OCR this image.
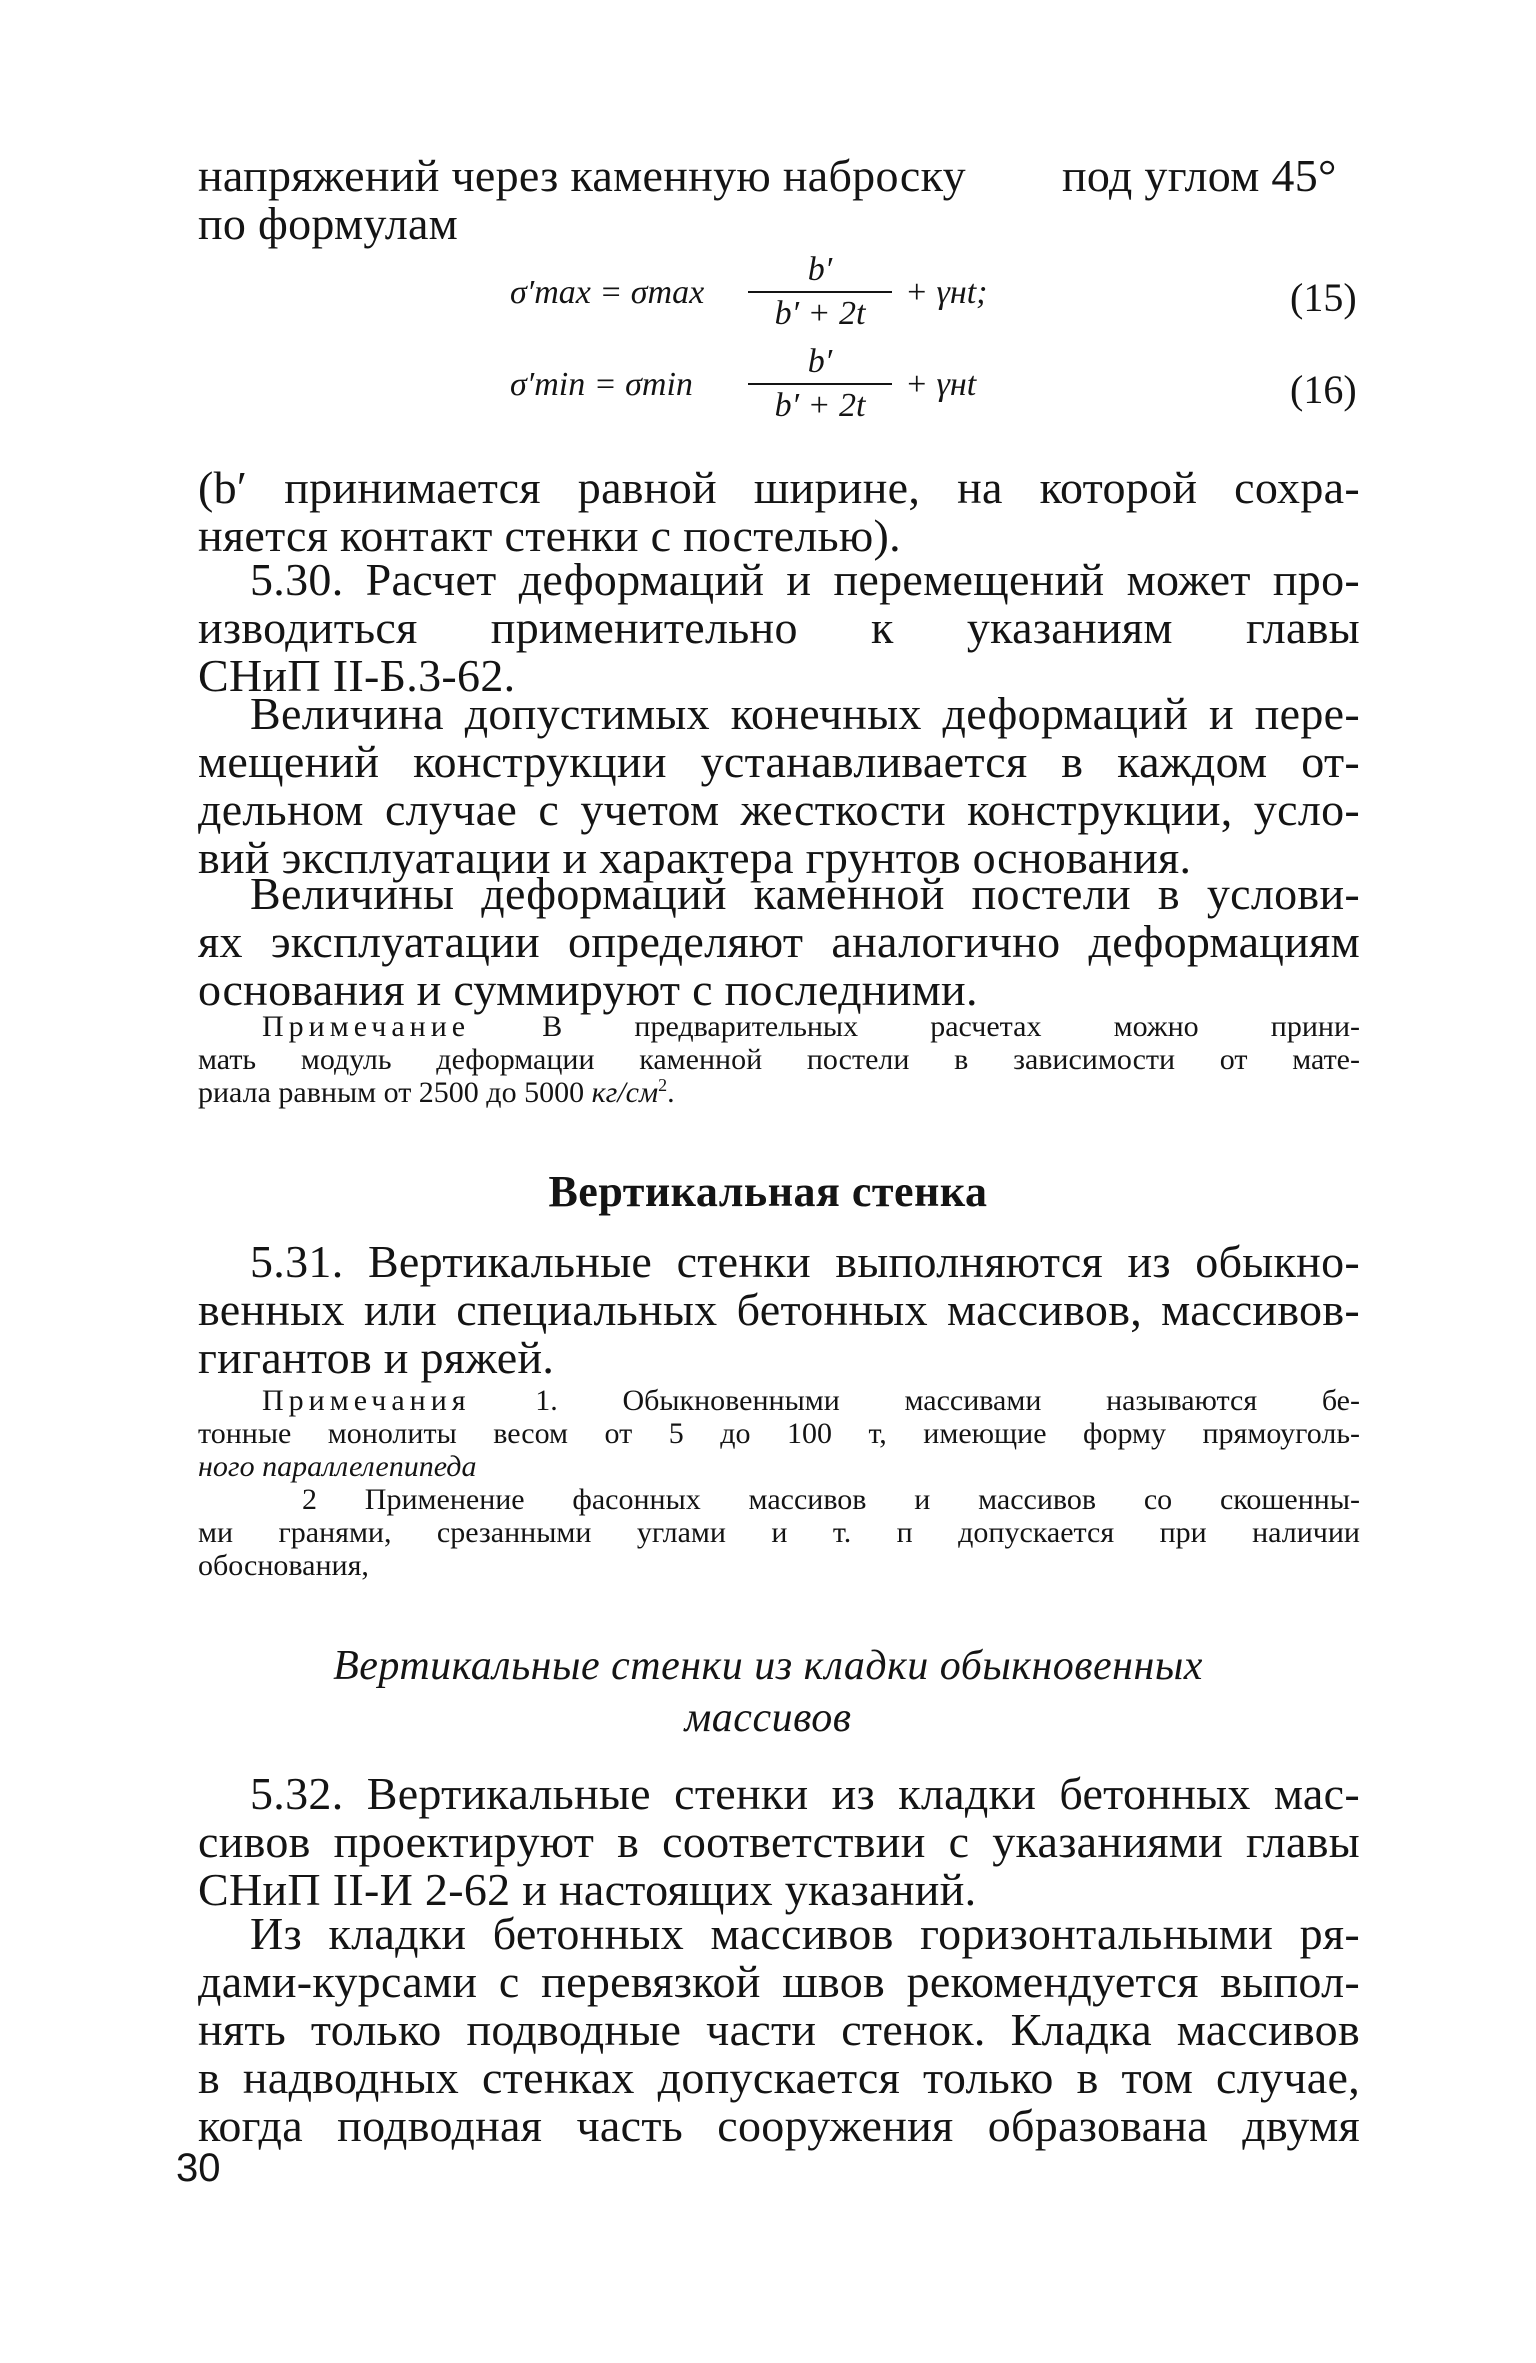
напряжений через каменную наброску под углом 45°
по формулам
σ′max = σmax
b′
b′ + 2t
+ γнt;	(15)
σ′min = σmin
b′
b′ + 2t
+ γнt	(16)
(b′ принимается равной ширине, на которой сохра-
няется контакт стенки с постелью).
5.30. Расчет деформаций и перемещений может про-
изводиться применительно к указаниям главы
СНиП II-Б.3-62.
Величина допустимых конечных деформаций и пере-
мещений конструкции устанавливается в каждом от-
дельном случае с учетом жесткости конструкции, усло-
вий эксплуатации и характера грунтов основания.
Величины деформаций каменной постели в услови-
ях эксплуатации определяют аналогично деформациям
основания и суммируют с последними.
Примечание В предварительных расчетах можно прини-
мать модуль деформации каменной постели в зависимости от мате-
риала равным от 2500 до 5000 $кг/см^2$.
Вертикальная стенка
5.31. Вертикальные стенки выполняются из обыкно-
венных или специальных бетонных массивов, массивов-
гигантов и ряжей.
Примечания 1. Обыкновенными массивами называются бе-
тонные монолиты весом от 5 до 100 т, имеющие форму прямоуголь-
ного параллелепипеда
2 Применение фасонных массивов и массивов со скошенны-
ми гранями, срезанными углами и т. п допускается при наличии
обоснования,
Вертикальные стенки из кладки обыкновенных
массивов
5.32. Вертикальные стенки из кладки бетонных мас-
сивов проектируют в соответствии с указаниями главы
СНиП II-И 2-62 и настоящих указаний.
Из кладки бетонных массивов горизонтальными ря-
дами-курсами с перевязкой швов рекомендуется выпол-
нять только подводные части стенок. Кладка массивов
в надводных стенках допускается только в том случае,
когда подводная часть сооружения образована двумя
30
